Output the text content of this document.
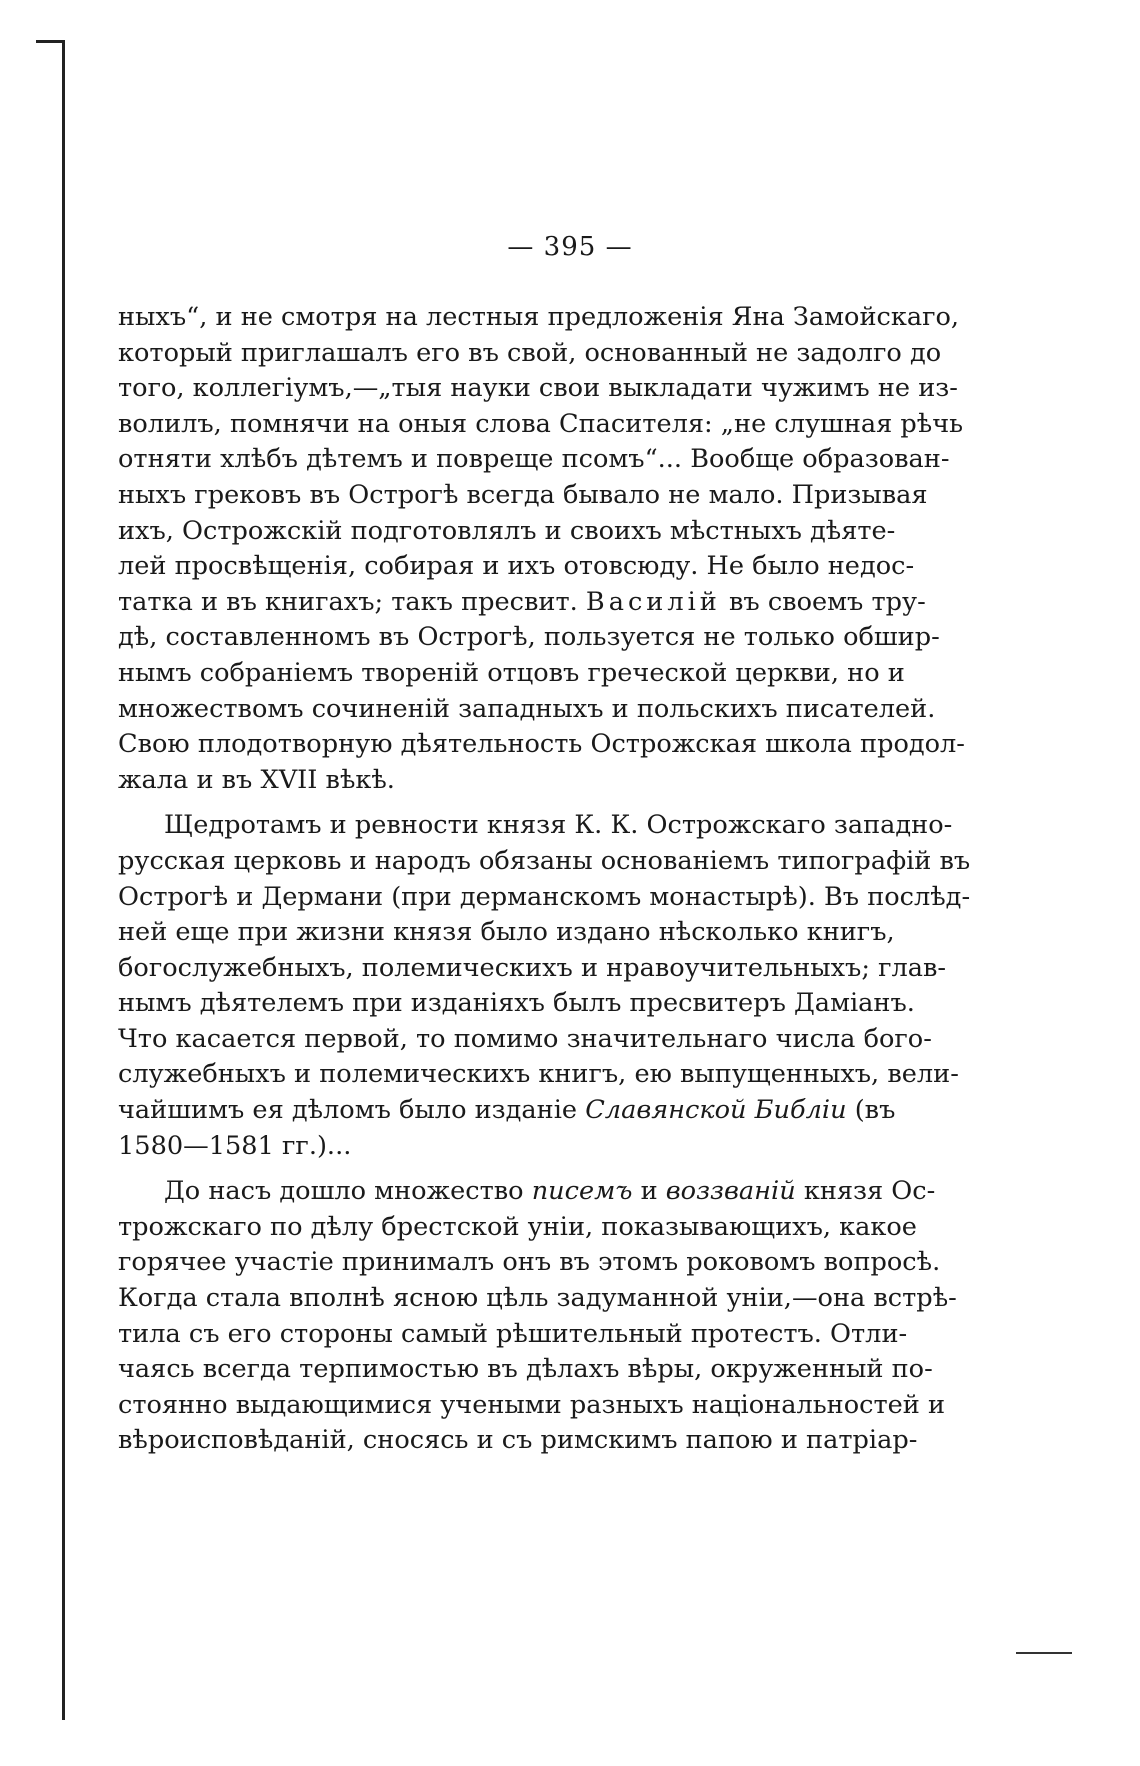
— 395 —
ныхъ“, и не смотря на лестныя предложенія Яна Замойскаго,
который приглашалъ его въ свой, основанный не задолго до
того, коллегіумъ,—„тыя науки свои выкладати чужимъ не из-
волилъ, помнячи на оныя слова Спасителя: „не слушная рѣчь
отняти хлѣбъ дѣтемъ и повреще псомъ“... Вообще образован-
ныхъ грековъ въ Острогѣ всегда бывало не мало. Призывая
ихъ, Острожскій подготовлялъ и своихъ мѣстныхъ дѣяте-
лей просвѣщенія, собирая и ихъ отовсюду. Не было недос-
татка и въ книгахъ; такъ пресвит. Василій въ своемъ тру-
дѣ, составленномъ въ Острогѣ, пользуется не только обшир-
нымъ собраніемъ твореній отцовъ греческой церкви, но и
множествомъ сочиненій западныхъ и польскихъ писателей.
Свою плодотворную дѣятельность Острожская школа продол-
жала и въ XVII вѣкѣ.
Щедротамъ и ревности князя К. К. Острожскаго западно-
русская церковь и народъ обязаны основаніемъ типографій въ
Острогѣ и Дермани (при дерманскомъ монастырѣ). Въ послѣд-
ней еще при жизни князя было издано нѣсколько книгъ,
богослужебныхъ, полемическихъ и нравоучительныхъ; глав-
нымъ дѣятелемъ при изданіяхъ былъ пресвитеръ Даміанъ.
Что касается первой, то помимо значительнаго числа бого-
служебныхъ и полемическихъ книгъ, ею выпущенныхъ, вели-
чайшимъ ея дѣломъ было изданіе Славянской Библіи (въ
1580—1581 гг.)...
До насъ дошло множество писемъ и воззваній князя Ос-
трожскаго по дѣлу брестской уніи, показывающихъ, какое
горячее участіе принималъ онъ въ этомъ роковомъ вопросѣ.
Когда стала вполнѣ ясною цѣль задуманной уніи,—она встрѣ-
тила съ его стороны самый рѣшительный протестъ. Отли-
чаясь всегда терпимостью въ дѣлахъ вѣры, окруженный по-
стоянно выдающимися учеными разныхъ національностей и
вѣроисповѣданій, сносясь и съ римскимъ папою и патріар-
